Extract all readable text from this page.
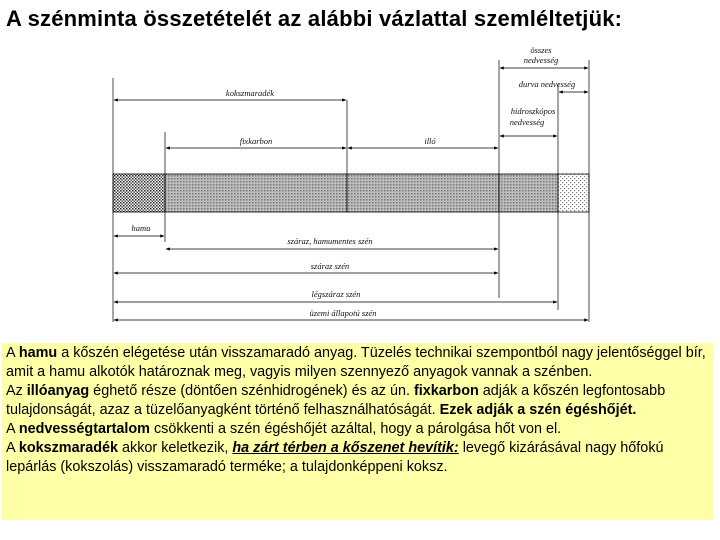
A szénminta összetételét az alábbi vázlattal szemléltetjük:
kokszmaradék
fixkarbon	illó
összes
nedvesség
durva nedvesség
hidroszkópos
nedvesség
hamu
száraz, hamumentes szén
száraz szén
légszáraz szén
üzemi állapotú szén

A hamu a kőszén elégetése után visszamaradó anyag. Tüzelés technikai szempontból nagy jelentőséggel bír, amit a hamu alkotók határoznak meg, vagyis milyen szennyező anyagok vannak a szénben.

Az illóanyag éghető része (döntően szénhidrogének) és az ún. fixkarbon adják a kőszén legfontosabb tulajdonságát, azaz a tüzelőanyagként történő felhasználhatóságát. Ezek adják a szén égéshőjét.

A nedvességtartalom csökkenti a szén égéshőjét azáltal, hogy a párolgása hőt von el.

A kokszmaradék akkor keletkezik, ha zárt térben a kőszenet hevítik: levegő kizárásával nagy hőfokú lepárlás (kokszolás) visszamaradó terméke; a tulajdonképpeni koksz.
